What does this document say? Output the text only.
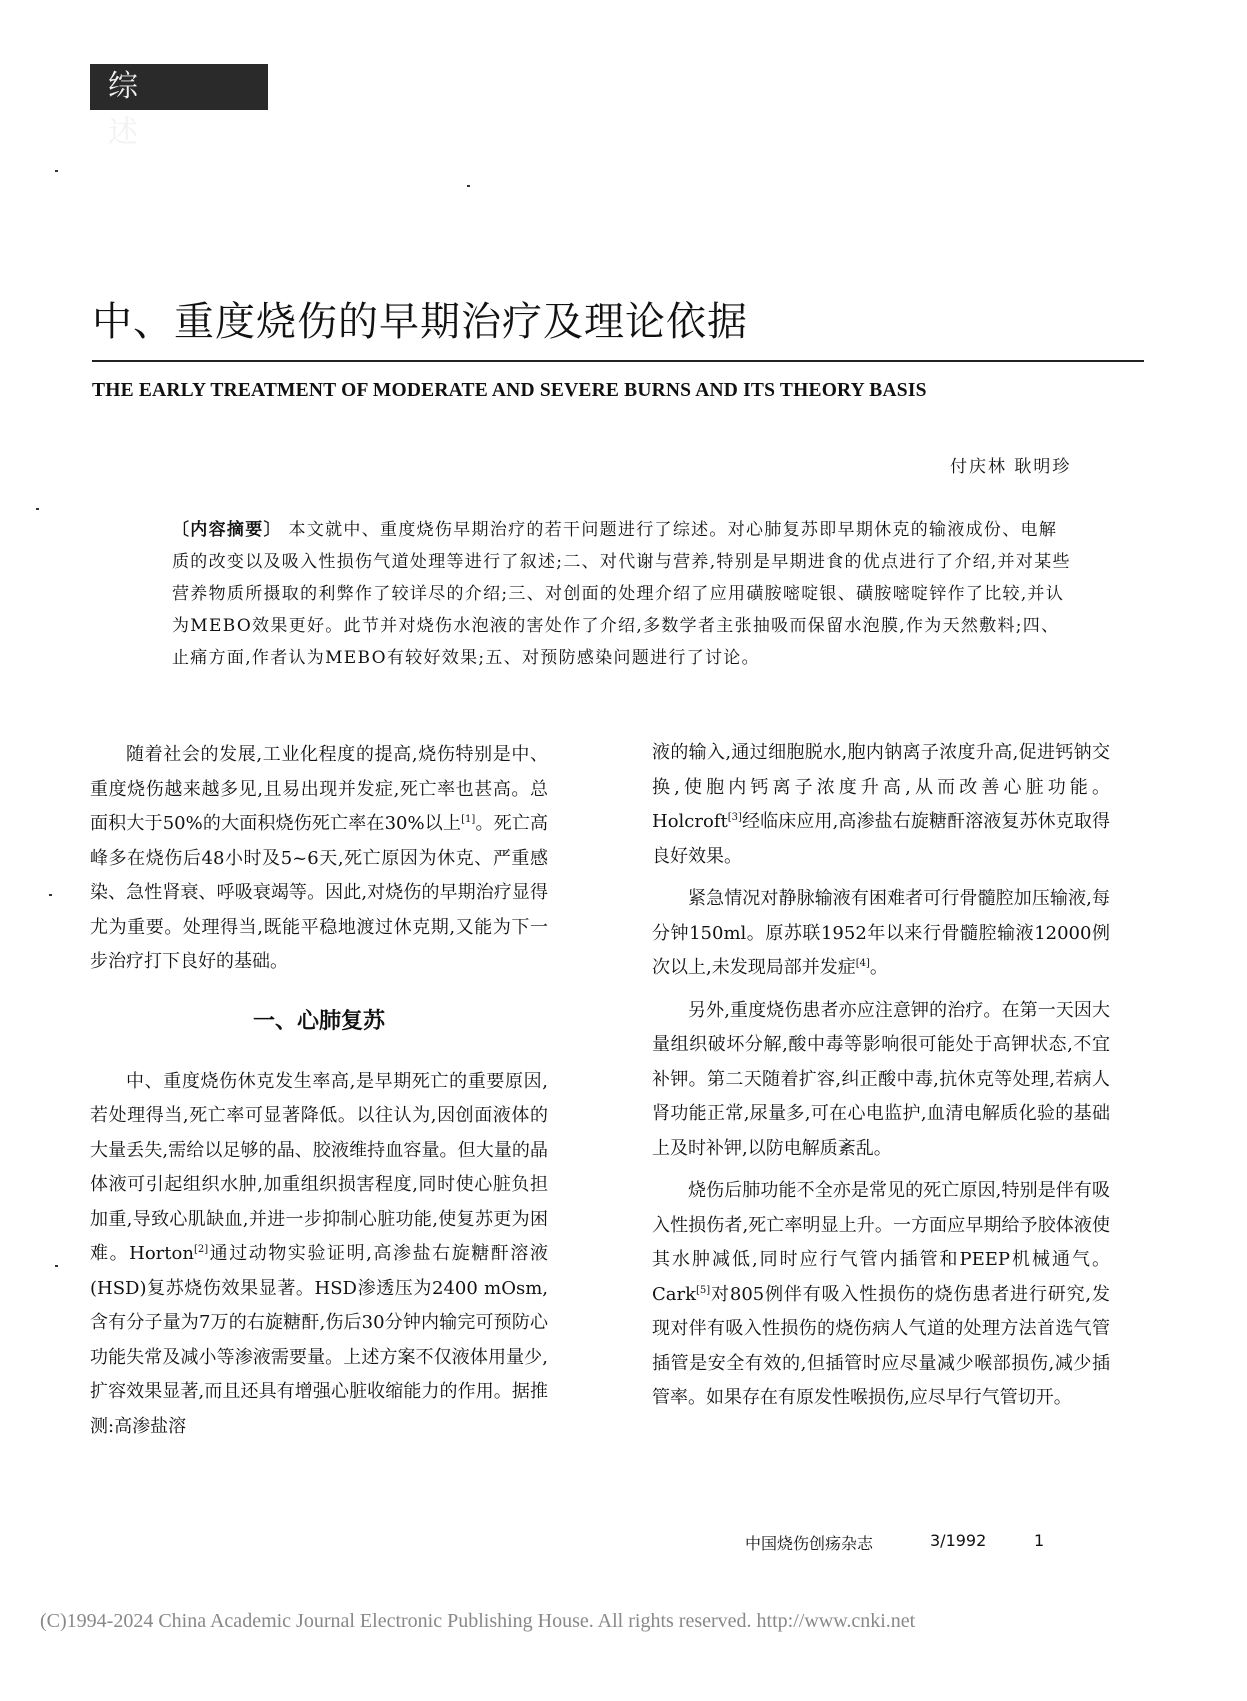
综 述
中、重度烧伤的早期治疗及理论依据
THE EARLY TREATMENT OF MODERATE AND SEVERE BURNS AND ITS THEORY BASIS
付庆林 耿明珍

〔内容摘要〕 本文就中、重度烧伤早期治疗的若干问题进行了综述。对心肺复苏即早期休克的输液成份、电解质的改变以及吸入性损伤气道处理等进行了叙述;二、对代谢与营养,特别是早期进食的优点进行了介绍,并对某些营养物质所摄取的利弊作了较详尽的介绍;三、对创面的处理介绍了应用磺胺嘧啶银、磺胺嘧啶锌作了比较,并认为MEBO效果更好。此节并对烧伤水泡液的害处作了介绍,多数学者主张抽吸而保留水泡膜,作为天然敷料;四、止痛方面,作者认为MEBO有较好效果;五、对预防感染问题进行了讨论。

随着社会的发展,工业化程度的提高,烧伤特别是中、重度烧伤越来越多见,且易出现并发症,死亡率也甚高。总面积大于50%的大面积烧伤死亡率在30%以上[1]。死亡高峰多在烧伤后48小时及5~6天,死亡原因为休克、严重感染、急性肾衰、呼吸衰竭等。因此,对烧伤的早期治疗显得尤为重要。处理得当,既能平稳地渡过休克期,又能为下一步治疗打下良好的基础。

一、心肺复苏

中、重度烧伤休克发生率高,是早期死亡的重要原因,若处理得当,死亡率可显著降低。以往认为,因创面液体的大量丢失,需给以足够的晶、胶液维持血容量。但大量的晶体液可引起组织水肿,加重组织损害程度,同时使心脏负担加重,导致心肌缺血,并进一步抑制心脏功能,使复苏更为困难。Horton[2]通过动物实验证明,高渗盐右旋糖酐溶液(HSD)复苏烧伤效果显著。HSD渗透压为2400 mOsm,含有分子量为7万的右旋糖酐,伤后30分钟内输完可预防心功能失常及减小等渗液需要量。上述方案不仅液体用量少,扩容效果显著,而且还具有增强心脏收缩能力的作用。据推测:高渗盐溶

液的输入,通过细胞脱水,胞内钠离子浓度升高,促进钙钠交换,使胞内钙离子浓度升高,从而改善心脏功能。Holcroft[3]经临床应用,高渗盐右旋糖酐溶液复苏休克取得良好效果。

紧急情况对静脉输液有困难者可行骨髓腔加压输液,每分钟150ml。原苏联1952年以来行骨髓腔输液12000例次以上,未发现局部并发症[4]。

另外,重度烧伤患者亦应注意钾的治疗。在第一天因大量组织破坏分解,酸中毒等影响很可能处于高钾状态,不宜补钾。第二天随着扩容,纠正酸中毒,抗休克等处理,若病人肾功能正常,尿量多,可在心电监护,血清电解质化验的基础上及时补钾,以防电解质紊乱。

烧伤后肺功能不全亦是常见的死亡原因,特别是伴有吸入性损伤者,死亡率明显上升。一方面应早期给予胶体液使其水肿减低,同时应行气管内插管和PEEP机械通气。Cark[5]对805例伴有吸入性损伤的烧伤患者进行研究,发现对伴有吸入性损伤的烧伤病人气道的处理方法首选气管插管是安全有效的,但插管时应尽量减少喉部损伤,减少插管率。如果存在有原发性喉损伤,应尽早行气管切开。

中国烧伤创疡杂志	3/1992	1
(C)1994-2024 China Academic Journal Electronic Publishing House. All rights reserved. http://www.cnki.net
